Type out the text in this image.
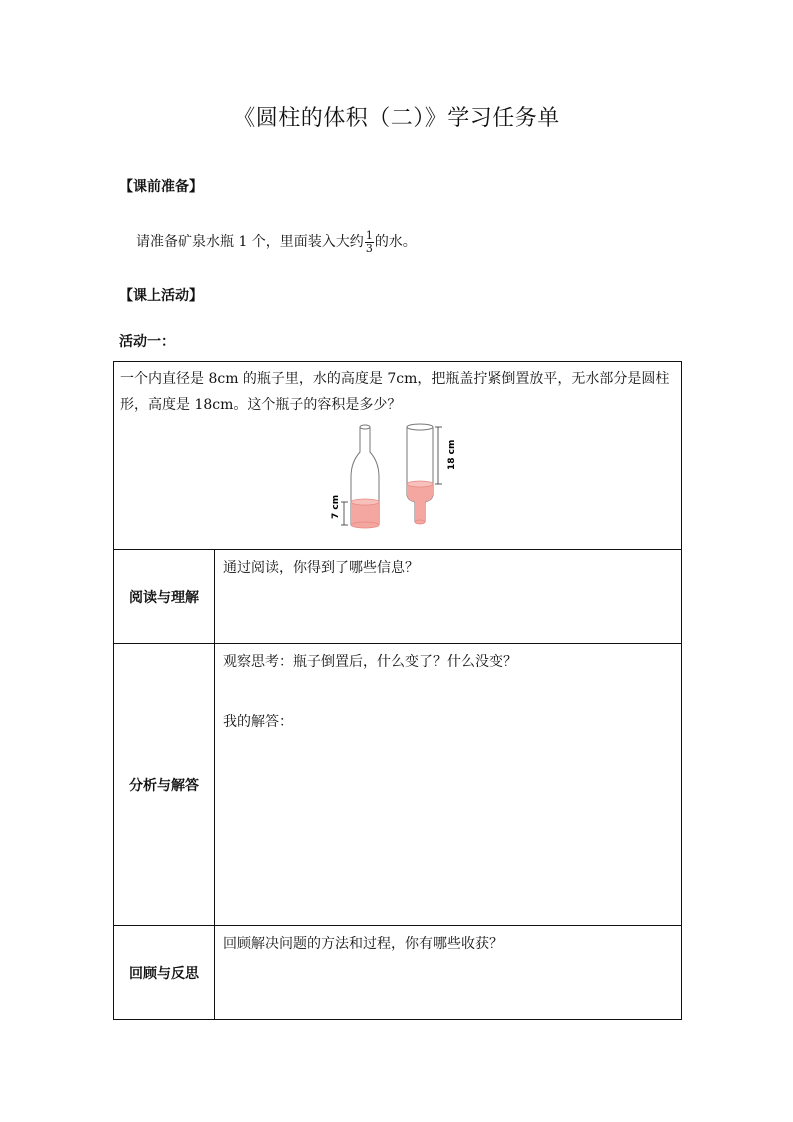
《圆柱的体积（二）》学习任务单
【课前准备】
请准备矿泉水瓶 1 个，里面装入大约 $\frac{1}{3}$ 的水。
【课上活动】
活动一：
一个内直径是 8cm 的瓶子里，水的高度是 7cm，把瓶盖拧紧倒置放平，无水部分是圆柱形，高度是 18cm。这个瓶子的容积是多少？
7 cm
18 cm	

阅读与理解	通过阅读，你得到了哪些信息？

分析与解答	观察思考：瓶子倒置后，什么变了？什么没变？
我的解答：

回顾与反思	回顾解决问题的方法和过程，你有哪些收获？
